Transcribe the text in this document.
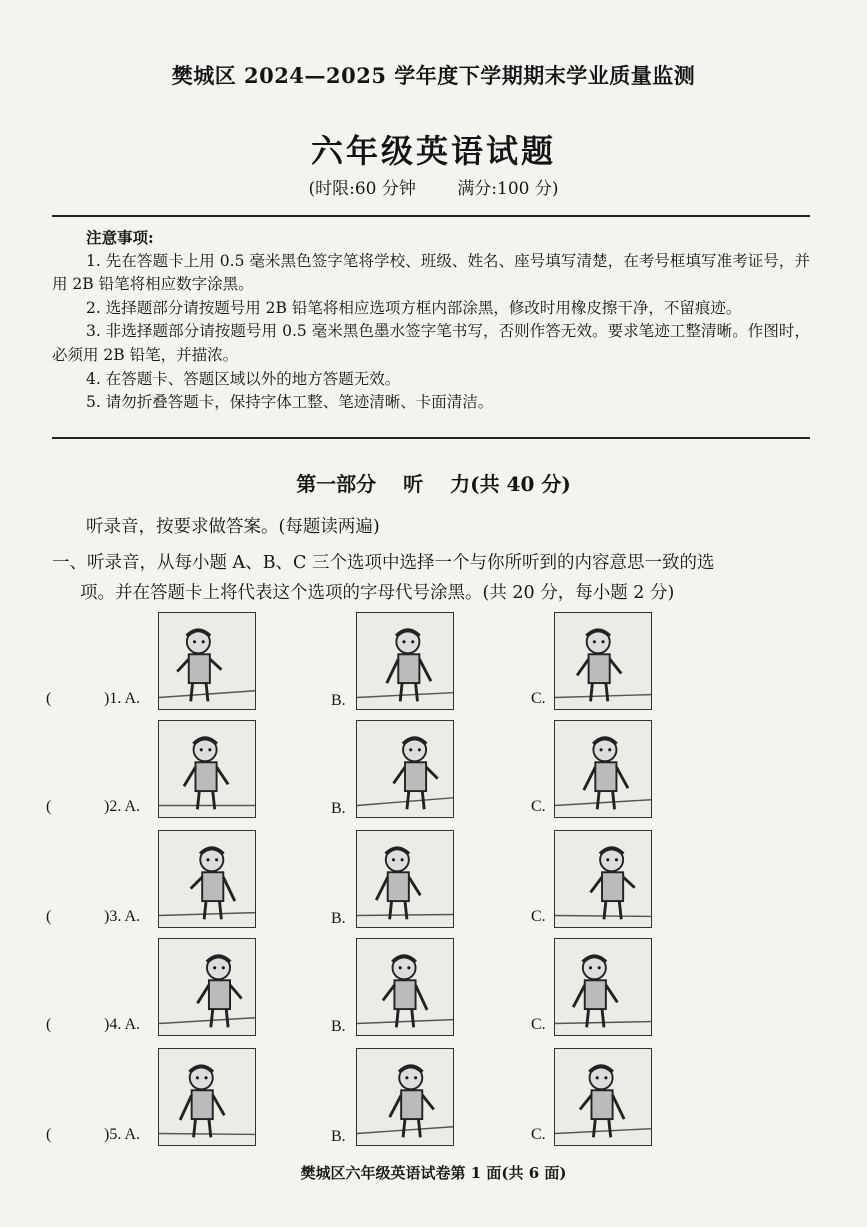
樊城区 2024—2025 学年度下学期期末学业质量监测
六年级英语试题
(时限:60 分钟 满分:100 分)
注意事项:
1. 先在答题卡上用 0.5 毫米黑色签字笔将学校、班级、姓名、座号填写清楚，在考号框填写准考证号，并用 2B 铅笔将相应数字涂黑。
2. 选择题部分请按题号用 2B 铅笔将相应选项方框内部涂黑，修改时用橡皮擦干净，不留痕迹。
3. 非选择题部分请按题号用 0.5 毫米黑色墨水签字笔书写，否则作答无效。要求笔迹工整清晰。作图时，必须用 2B 铅笔，并描浓。
4. 在答题卡、答题区域以外的地方答题无效。
5. 请勿折叠答题卡，保持字体工整、笔迹清晰、卡面清洁。
第一部分 听 力(共 40 分)
听录音，按要求做答案。(每题读两遍)
一、听录音，从每小题 A、B、C 三个选项中选择一个与你所听到的内容意思一致的选
项。并在答题卡上将代表这个选项的字母代号涂黑。(共 20 分，每小题 2 分)
(	)1. A.	B.	C.
(	)2. A.	B.	C.
(	)3. A.	B.	C.
(	)4. A.	B.	C.
(	)5. A.	B.	C.
樊城区六年级英语试卷第 1 面(共 6 面)
